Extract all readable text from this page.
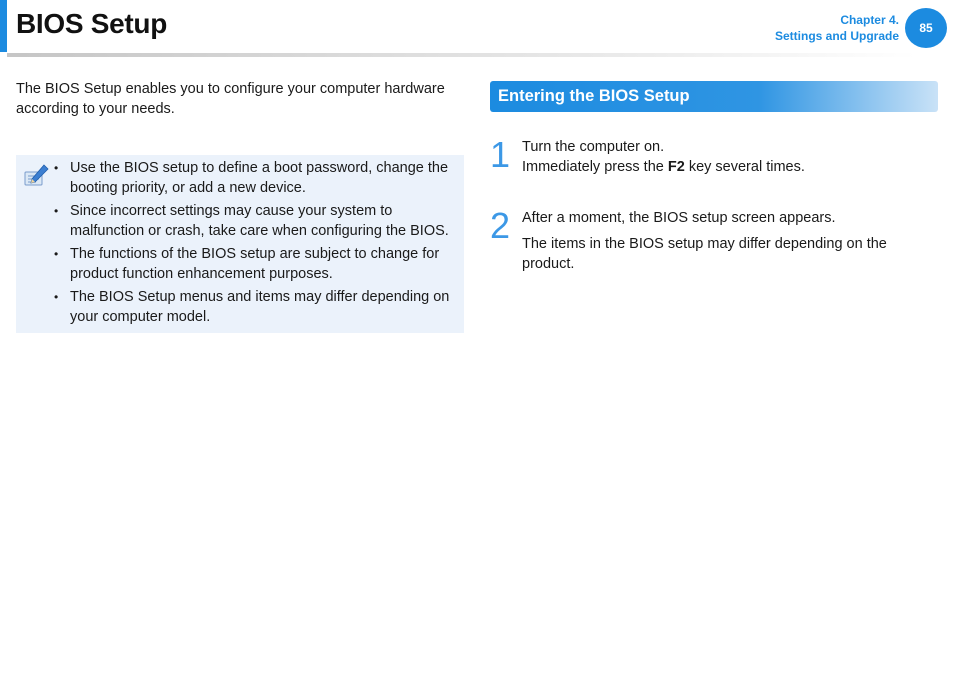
BIOS Setup	Chapter 4.
Settings and Upgrade
85

The BIOS Setup enables you to configure your computer hardware according to your needs.

• Use the BIOS setup to define a boot password, change the booting priority, or add a new device.
• Since incorrect settings may cause your system to malfunction or crash, take care when configuring the BIOS.
• The functions of the BIOS setup are subject to change for product function enhancement purposes.
• The BIOS Setup menus and items may differ depending on your computer model.
Entering the BIOS Setup
1 Turn the computer on.

Immediately press the F2 key several times.

2 After a moment, the BIOS setup screen appears.

The items in the BIOS setup may differ depending on the product.
